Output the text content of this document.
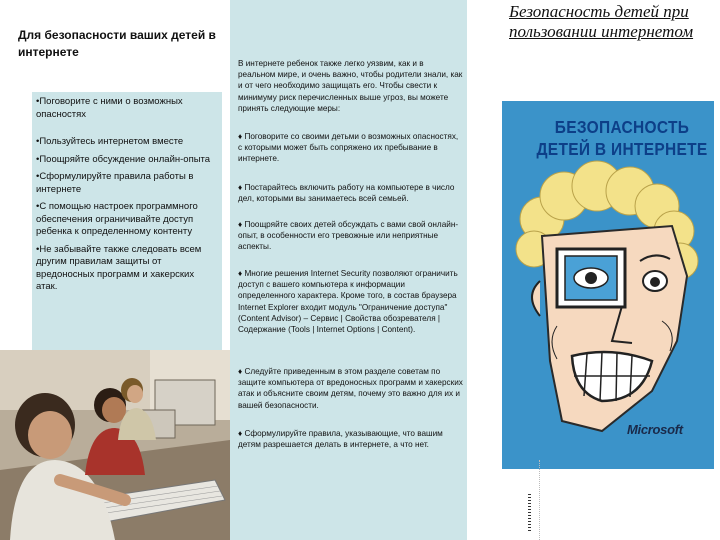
Для безопасности ваших детей в интернете
•Поговорите с ними о возможных опасностях
•Пользуйтесь интернетом вместе
•Поощряйте обсуждение онлайн-опыта
•Сформулируйте правила работы в интернете
•С помощью настроек программного обеспечения ограничивайте доступ ребенка к определенному контенту
•Не забывайте также следовать всем другим правилам защиты от вредоносных программ и хакерских атак.

В интернете ребенок также легко уязвим, как и в реальном мире, и очень важно, чтобы родители знали, как и от чего необходимо защищать его. Чтобы свести к минимуму риск перечисленных выше угроз, вы можете принять следующие меры:

♦ Поговорите со своими детьми о возможных опасностях, с которыми может быть сопряжено их пребывание в интернете.

♦ Постарайтесь включить работу на компьютере в число дел, которыми вы занимаетесь всей семьей.

♦ Поощряйте своих детей обсуждать с вами свой онлайн-опыт, в особенности его тревожные или неприятные аспекты.

♦ Многие решения Internet Security позволяют ограничить доступ с вашего компьютера к информации определенного характера. Кроме того, в состав браузера Internet Explorer входит модуль "Ограничение доступа" (Content Advisor) – Сервис | Свойства обозревателя | Содержание (Tools | Internet Options | Content).

♦ Следуйте приведенным в этом разделе советам по защите компьютера от вредоносных программ и хакерских атак и объясните своим детям, почему это важно для их и вашей безопасности.

♦ Сформулируйте правила, указывающие, что вашим детям разрешается делать в интернете, а что нет.

Безопасность детей при пользовании интернетом
БЕЗОПАСНОСТЬ ДЕТЕЙ В ИНТЕРНЕТЕ
Microsoft
